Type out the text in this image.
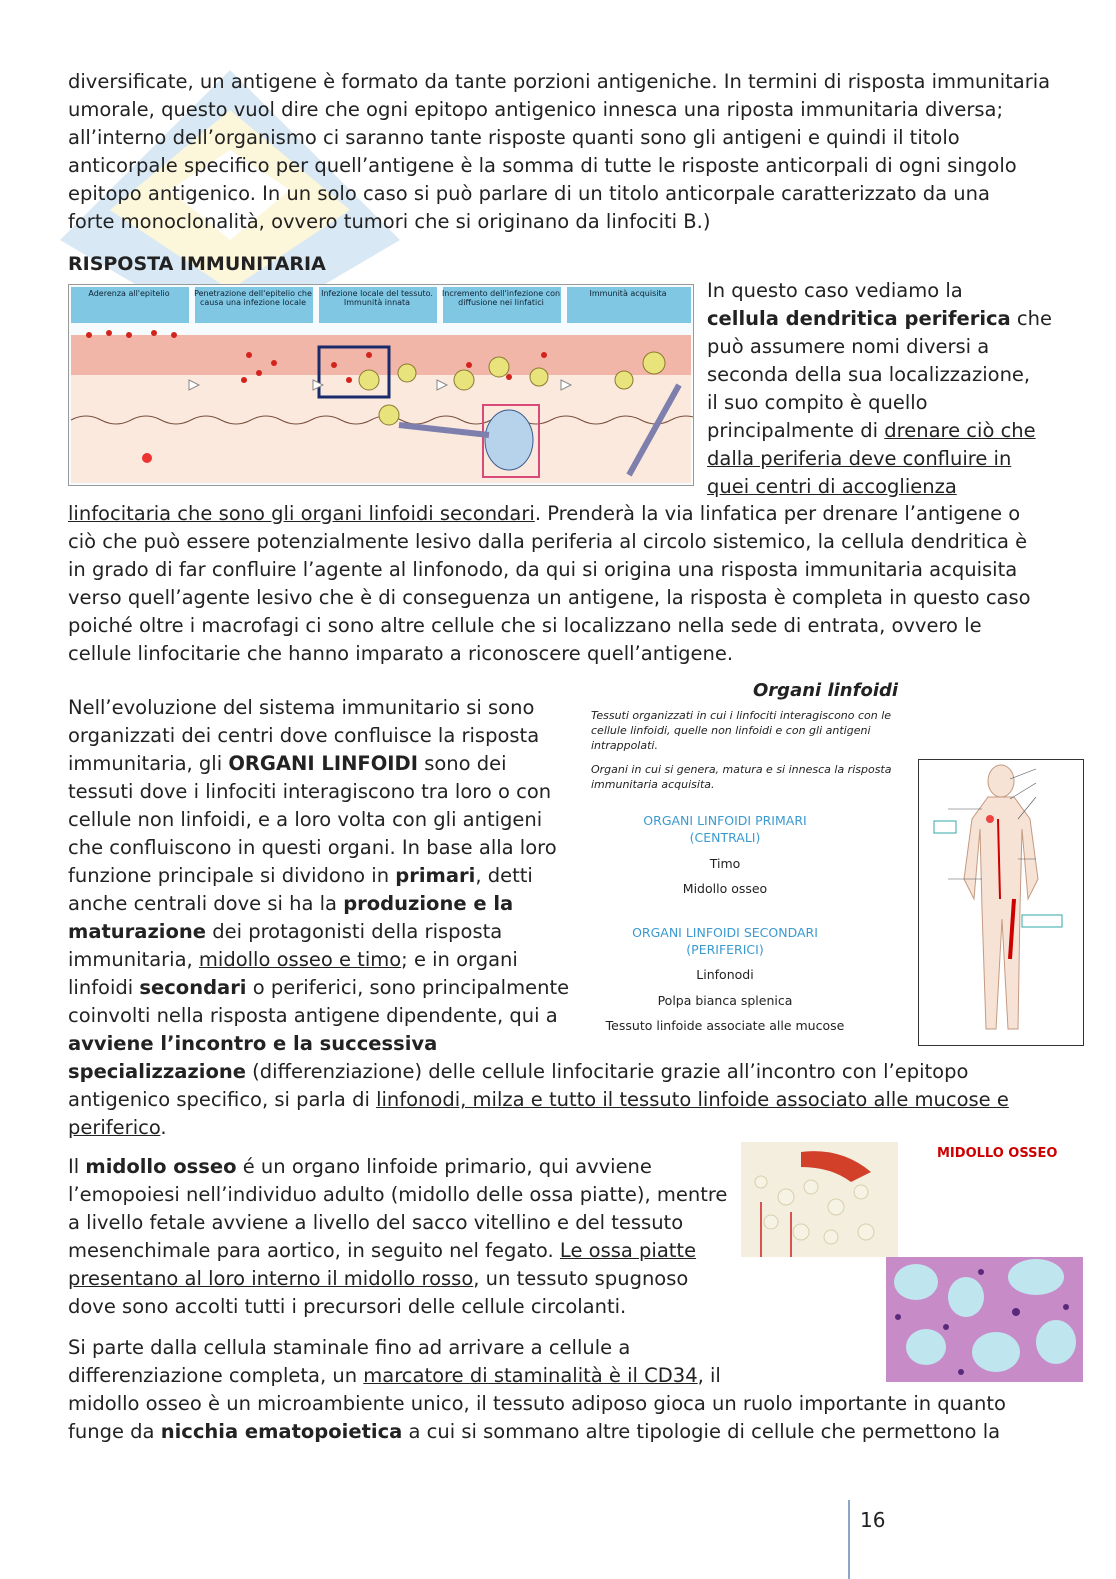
diversificate, un antigene è formato da tante porzioni antigeniche. In termini di risposta immunitaria
umorale, questo vuol dire che ogni epitopo antigenico innesca una riposta immunitaria diversa;
all’interno dell’organismo ci saranno tante risposte quanti sono gli antigeni e quindi il titolo
anticorpale specifico per quell’antigene è la somma di tutte le risposte anticorpali di ogni singolo
epitopo antigenico. In un solo caso si può parlare di un titolo anticorpale caratterizzato da una
forte monoclonalità, ovvero tumori che si originano da linfociti B.)
RISPOSTA IMMUNITARIA
Aderenza all'epitelio	Penetrazione dell'epitelio che causa una infezione locale
Infezione locale del tessuto. Immunità innata
Incremento dell'infezione con diffusione nei linfatici
Immunità acquisita	In questo caso vediamo la
cellula dendritica periferica che
può assumere nomi diversi a
seconda della sua localizzazione,
il suo compito è quello
principalmente di drenare ciò che
dalla periferia deve confluire in
quei centri di accoglienza
linfocitaria che sono gli organi linfoidi secondari. Prenderà la via linfatica per drenare l’antigene o
ciò che può essere potenzialmente lesivo dalla periferia al circolo sistemico, la cellula dendritica è
in grado di far confluire l’agente al linfonodo, da qui si origina una risposta immunitaria acquisita
verso quell’agente lesivo che è di conseguenza un antigene, la risposta è completa in questo caso
poiché oltre i macrofagi ci sono altre cellule che si localizzano nella sede di entrata, ovvero le
cellule linfocitarie che hanno imparato a riconoscere quell’antigene.
Nell’evoluzione del sistema immunitario si sono
organizzati dei centri dove confluisce la risposta
immunitaria, gli ORGANI LINFOIDI sono dei
tessuti dove i linfociti interagiscono tra loro o con
cellule non linfoidi, e a loro volta con gli antigeni
che confluiscono in questi organi. In base alla loro
funzione principale si dividono in primari, detti
anche centrali dove si ha la produzione e la
maturazione dei protagonisti della risposta
immunitaria, midollo osseo e timo; e in organi
linfoidi secondari o periferici, sono principalmente
coinvolti nella risposta antigene dipendente, qui a
avviene l’incontro e la successiva
specializzazione (differenziazione) delle cellule linfocitarie grazie all’incontro con l’epitopo
antigenico specifico, si parla di linfonodi, milza e tutto il tessuto linfoide associato alle mucose e
periferico.
Organi linfoidi
Tessuti organizzati in cui i linfociti interagiscono con le cellule linfoidi, quelle non linfoidi e con gli antigeni intrappolati.
Organi in cui si genera, matura e si innesca la risposta immunitaria acquisita.
ORGANI LINFOIDI PRIMARI (CENTRALI)
Timo
Midollo osseo
ORGANI LINFOIDI SECONDARI (PERIFERICI)
Linfonodi
Polpa bianca splenica
Tessuto linfoide associate alle mucose
Il midollo osseo é un organo linfoide primario, qui avviene
l’emopoiesi nell’individuo adulto (midollo delle ossa piatte), mentre
a livello fetale avviene a livello del sacco vitellino e del tessuto
mesenchimale para aortico, in seguito nel fegato. Le ossa piatte
presentano al loro interno il midollo rosso, un tessuto spugnoso
dove sono accolti tutti i precursori delle cellule circolanti.
MIDOLLO OSSEO
Si parte dalla cellula staminale fino ad arrivare a cellule a
differenziazione completa, un marcatore di staminalità è il CD34, il
midollo osseo è un microambiente unico, il tessuto adiposo gioca un ruolo importante in quanto
funge da nicchia ematopoietica a cui si sommano altre tipologie di cellule che permettono la
16
